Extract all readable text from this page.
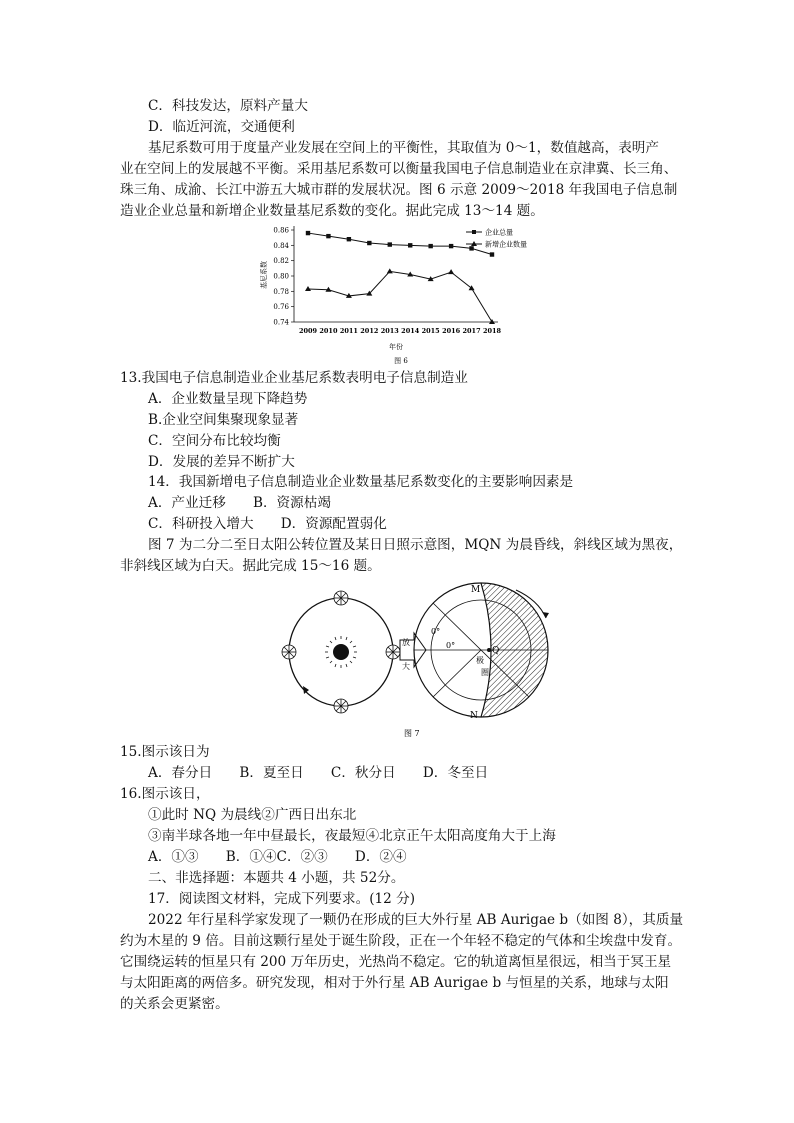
C．科技发达，原料产量大
D．临近河流，交通便利
基尼系数可用于度量产业发展在空间上的平衡性，其取值为 0～1，数值越高，表明产
业在空间上的发展越不平衡。采用基尼系数可以衡量我国电子信息制造业在京津冀、长三角、
珠三角、成渝、长江中游五大城市群的发展状况。图 6 示意 2009～2018 年我国电子信息制
造业企业总量和新增企业数量基尼系数的变化。据此完成 13～14 题。
0.74
0.76
0.78
0.80
0.82
0.84
0.86
2009 2010 2011 2012 2013 2014 2015 2016 2017 2018
企业总量
新增企业数量
基尼系数
年份
图 6
13.我国电子信息制造业企业基尼系数表明电子信息制造业
A．企业数量呈现下降趋势
B.企业空间集聚现象显著
C．空间分布比较均衡
D．发展的差异不断扩大
14．我国新增电子信息制造业企业数量基尼系数变化的主要影响因素是
A．产业迁移　　B．资源枯竭
C．科研投入增大　　D．资源配置弱化
图 7 为二分二至日太阳公转位置及某日日照示意图，MQN 为晨昏线，斜线区域为黑夜，
非斜线区域为白天。据此完成 15～16 题。
放
大
M
N
Q
0°
0°
极
圈
图 7
15.图示该日为
A．春分日　　B．夏至日　　C．秋分日　　D．冬至日
16.图示该日，
①此时 NQ 为晨线②广西日出东北
③南半球各地一年中昼最长，夜最短④北京正午太阳高度角大于上海
A．①③　　B．①④C．②③　　D．②④
二、非选择题：本题共 4 小题，共 52分。
17．阅读图文材料，完成下列要求。(12 分)
2022 年行星科学家发现了一颗仍在形成的巨大外行星 AB Aurigae b（如图 8），其质量
约为木星的 9 倍。目前这颗行星处于诞生阶段，正在一个年轻不稳定的气体和尘埃盘中发育。
它围绕运转的恒星只有 200 万年历史，光热尚不稳定。它的轨道离恒星很远，相当于冥王星
与太阳距离的两倍多。研究发现，相对于外行星 AB Aurigae b 与恒星的关系，地球与太阳
的关系会更紧密。
